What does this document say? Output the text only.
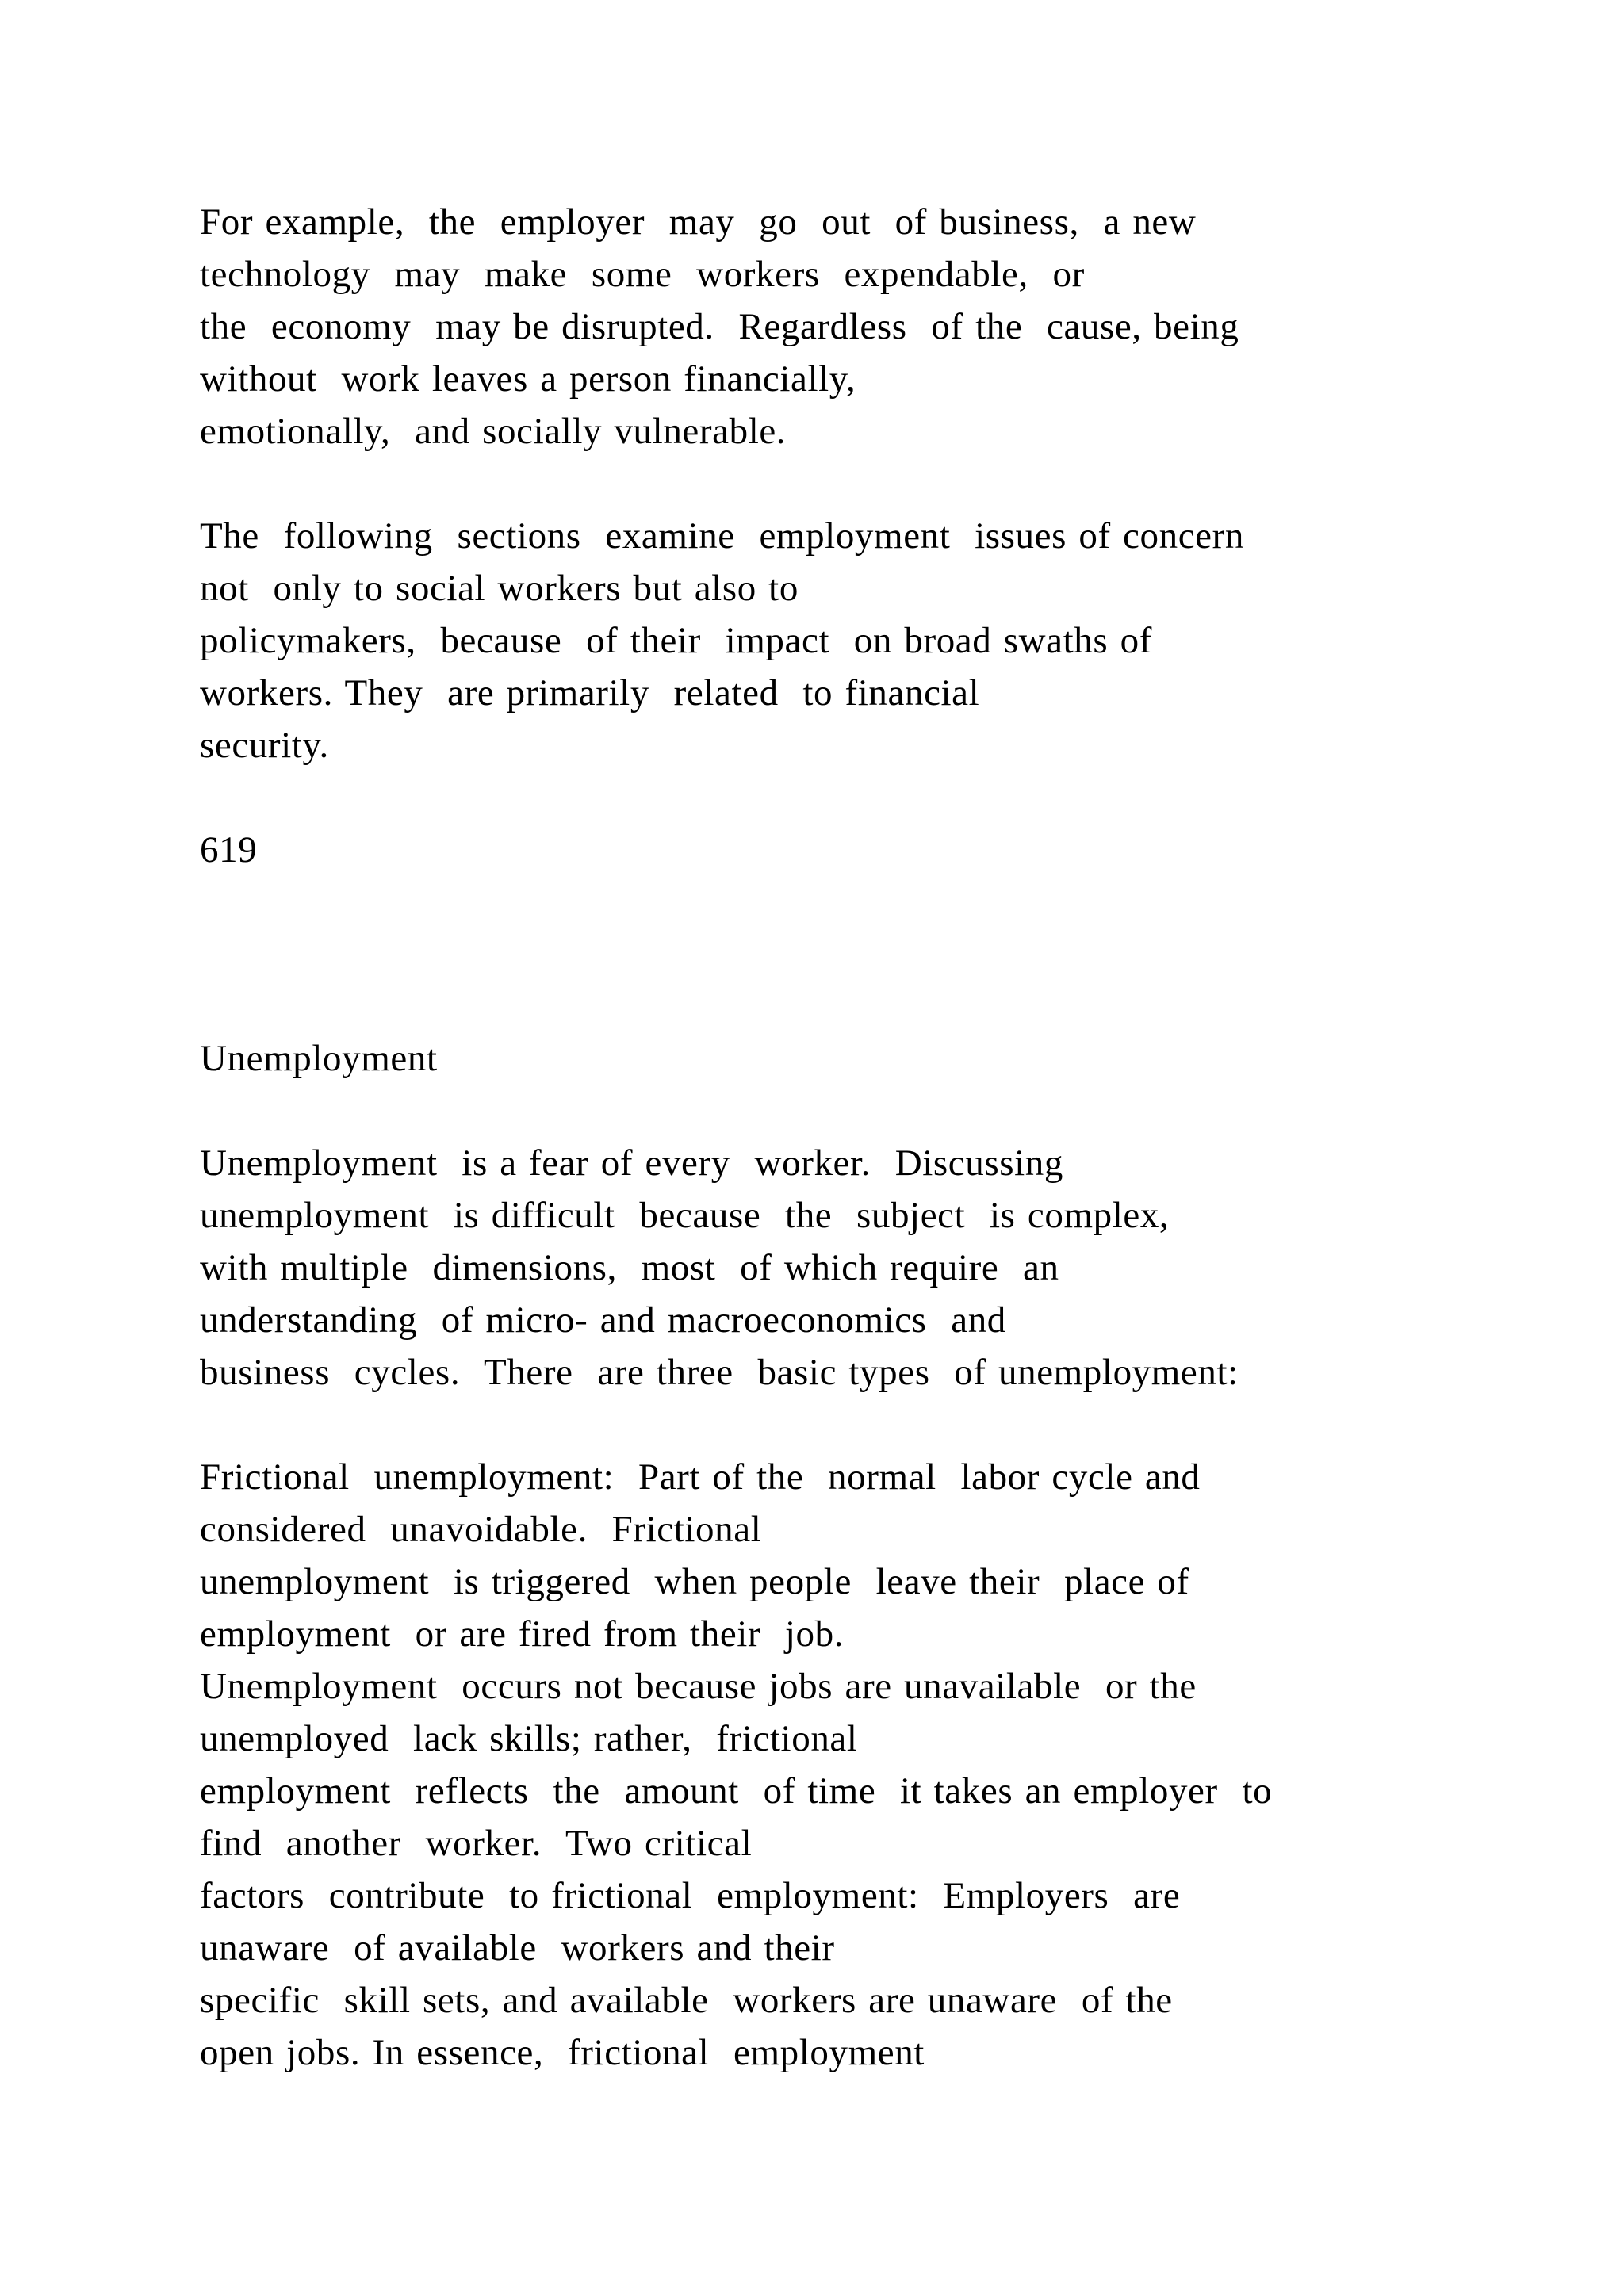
For example,  the  employer  may  go  out  of business,  a new
technology  may  make  some  workers  expendable,  or
the  economy  may be disrupted.  Regardless  of the  cause, being
without  work leaves a person financially,
emotionally,  and socially vulnerable.
The  following  sections  examine  employment  issues of concern
not  only to social workers but also to
policymakers,  because  of their  impact  on broad swaths of
workers. They  are primarily  related  to financial
security.
619
Unemployment
Unemployment  is a fear of every  worker.  Discussing
unemployment  is difficult  because  the  subject  is complex,
with multiple  dimensions,  most  of which require  an
understanding  of micro- and macroeconomics  and
business  cycles.  There  are three  basic types  of unemployment:
Frictional  unemployment:  Part of the  normal  labor cycle and
considered  unavoidable.  Frictional
unemployment  is triggered  when people  leave their  place of
employment  or are fired from their  job.
Unemployment  occurs not because jobs are unavailable  or the
unemployed  lack skills; rather,  frictional
employment  reflects  the  amount  of time  it takes an employer  to
find  another  worker.  Two critical
factors  contribute  to frictional  employment:  Employers  are
unaware  of available  workers and their
specific  skill sets, and available  workers are unaware  of the
open jobs. In essence,  frictional  employment
